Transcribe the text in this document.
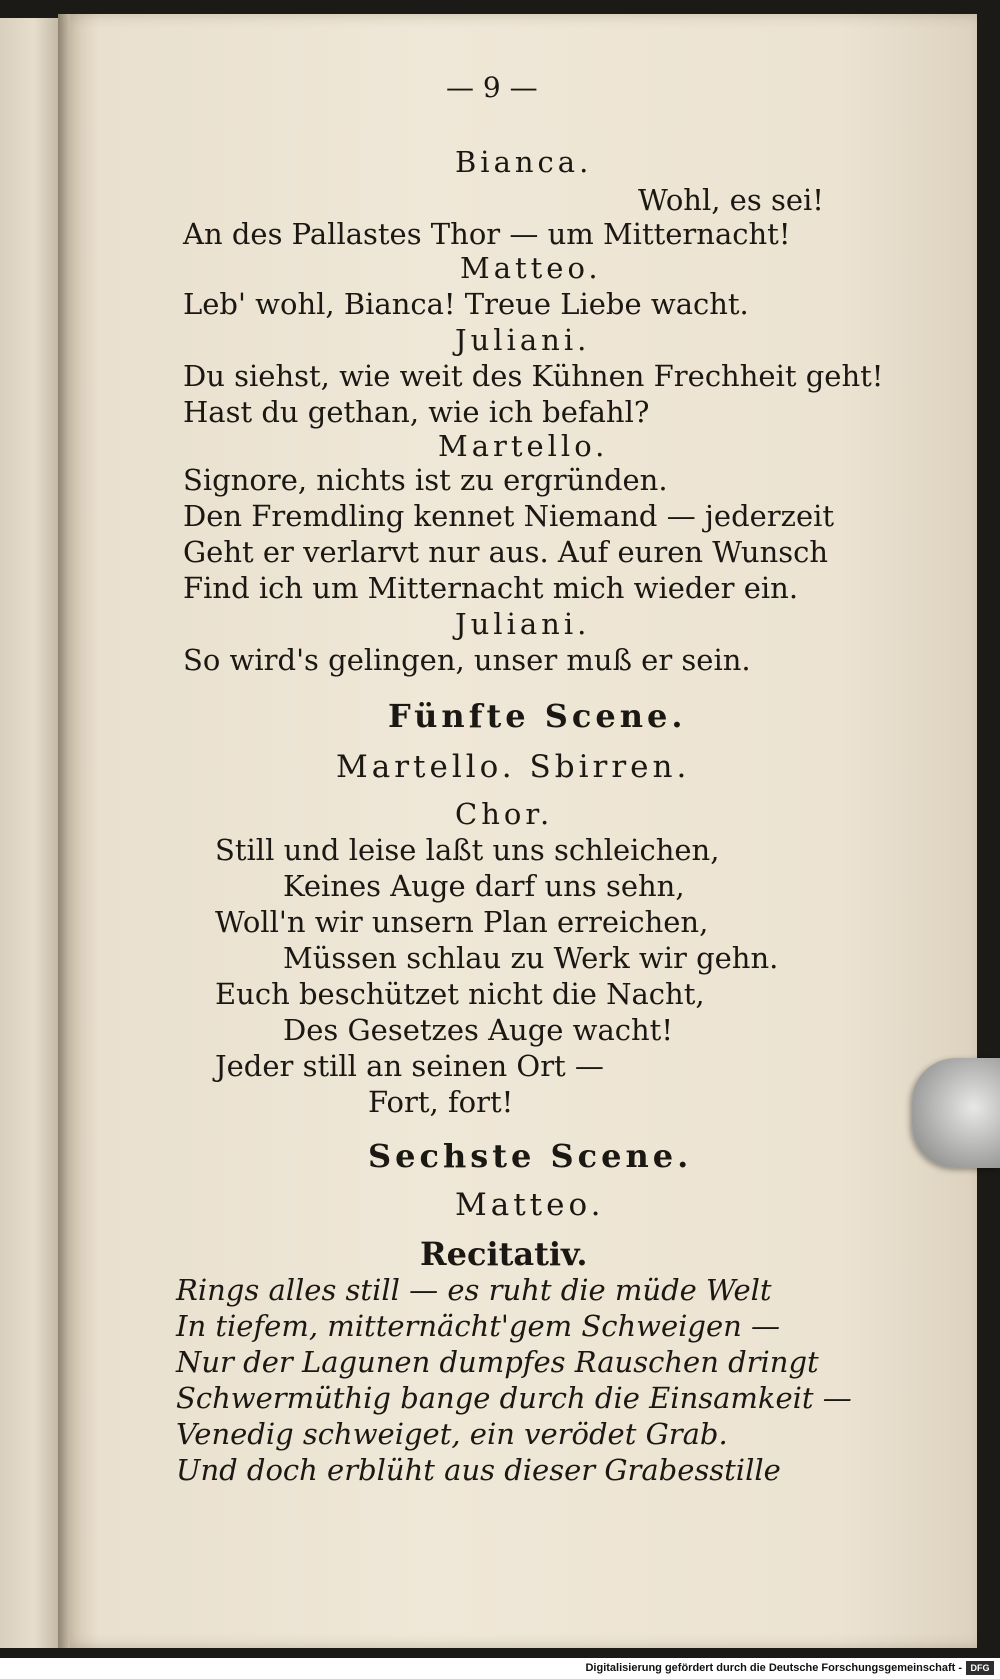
— 9 —
Bianca.
Wohl, es sei!
An des Pallastes Thor — um Mitternacht!
Matteo.
Leb' wohl, Bianca! Treue Liebe wacht.
Juliani.
Du siehst, wie weit des Kühnen Frechheit geht!
Hast du gethan, wie ich befahl?
Martello.
Signore, nichts ist zu ergründen.
Den Fremdling kennet Niemand — jederzeit
Geht er verlarvt nur aus. Auf euren Wunsch
Find ich um Mitternacht mich wieder ein.
Juliani.
So wird's gelingen, unser muß er sein.
Fünfte Scene.
Martello. Sbirren.
Chor.
Still und leise laßt uns schleichen,
Keines Auge darf uns sehn,
Woll'n wir unsern Plan erreichen,
Müssen schlau zu Werk wir gehn.
Euch beschützet nicht die Nacht,
Des Gesetzes Auge wacht!
Jeder still an seinen Ort —
Fort, fort!
Sechste Scene.
Matteo.
Recitativ.
Rings alles still — es ruht die müde Welt
In tiefem, mitternächt'gem Schweigen —
Nur der Lagunen dumpfes Rauschen dringt
Schwermüthig bange durch die Einsamkeit —
Venedig schweiget, ein verödet Grab.
Und doch erblüht aus dieser Grabesstille
Digitalisierung gefördert durch die Deutsche Forschungsgemeinschaft - DFG
